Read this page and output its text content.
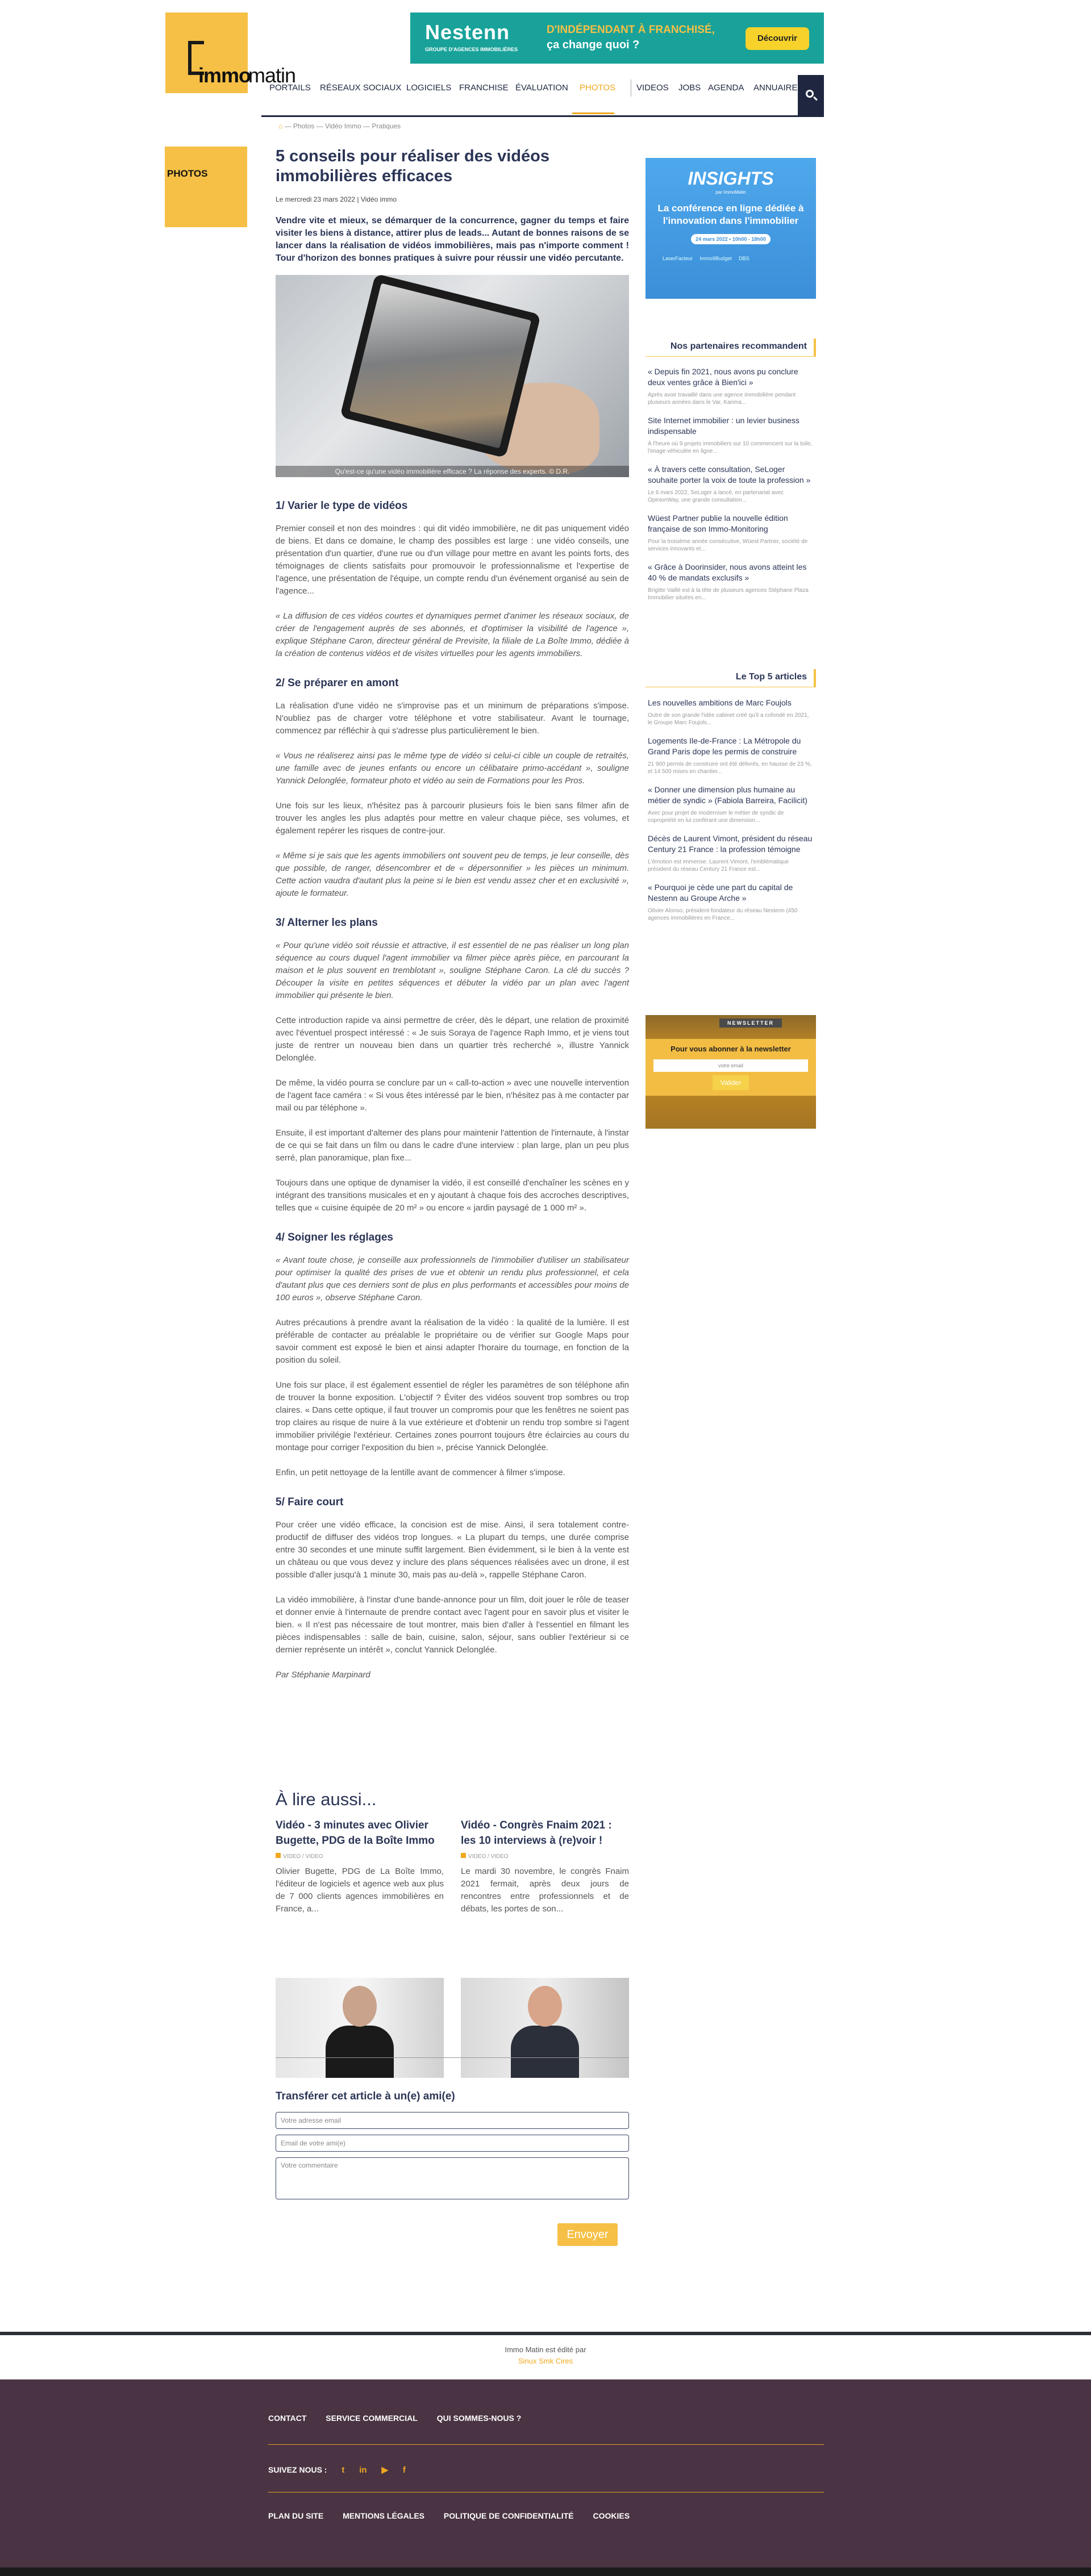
immo
matin
Nestenn
GROUPE D'AGENCES IMMOBILIÈRES
D'INDÉPENDANT À FRANCHISÉ,
ça change quoi ?
Découvrir
PORTAILS RÉSEAUX SOCIAUX LOGICIELS FRANCHISE ÉVALUATION PHOTOS VIDEOS JOBS AGENDA ANNUAIRE
⌂ — Photos — Vidéo Immo — Pratiques
PHOTOS
5 conseils pour réaliser des vidéos immobilières efficaces
Le mercredi 23 mars 2022 | Vidéo immo
Vendre vite et mieux, se démarquer de la concurrence, gagner du temps et faire visiter les biens à distance, attirer plus de leads... Autant de bonnes raisons de se lancer dans la réalisation de vidéos immobilières, mais pas n'importe comment ! Tour d'horizon des bonnes pratiques à suivre pour réussir une vidéo percutante.
Qu'est-ce qu'une vidéo immobilière efficace ? La réponse des experts. © D.R.
1/ Varier le type de vidéos

Premier conseil et non des moindres : qui dit vidéo immobilière, ne dit pas uniquement vidéo de biens. Et dans ce domaine, le champ des possibles est large : une vidéo conseils, une présentation d'un quartier, d'une rue ou d'un village pour mettre en avant les points forts, des témoignages de clients satisfaits pour promouvoir le professionnalisme et l'expertise de l'agence, une présentation de l'équipe, un compte rendu d'un événement organisé au sein de l'agence...

« La diffusion de ces vidéos courtes et dynamiques permet d'animer les réseaux sociaux, de créer de l'engagement auprès de ses abonnés, et d'optimiser la visibilité de l'agence », explique Stéphane Caron, directeur général de Previsite, la filiale de La Boîte Immo, dédiée à la création de contenus vidéos et de visites virtuelles pour les agents immobiliers.

2/ Se préparer en amont

La réalisation d'une vidéo ne s'improvise pas et un minimum de préparations s'impose. N'oubliez pas de charger votre téléphone et votre stabilisateur. Avant le tournage, commencez par réfléchir à qui s'adresse plus particulièrement le bien.

« Vous ne réaliserez ainsi pas le même type de vidéo si celui-ci cible un couple de retraités, une famille avec de jeunes enfants ou encore un célibataire primo-accédant », souligne Yannick Delonglée, formateur photo et vidéo au sein de Formations pour les Pros.

Une fois sur les lieux, n'hésitez pas à parcourir plusieurs fois le bien sans filmer afin de trouver les angles les plus adaptés pour mettre en valeur chaque pièce, ses volumes, et également repérer les risques de contre-jour.

« Même si je sais que les agents immobiliers ont souvent peu de temps, je leur conseille, dès que possible, de ranger, désencombrer et de « dépersonnifier » les pièces un minimum. Cette action vaudra d'autant plus la peine si le bien est vendu assez cher et en exclusivité », ajoute le formateur.

3/ Alterner les plans

« Pour qu'une vidéo soit réussie et attractive, il est essentiel de ne pas réaliser un long plan séquence au cours duquel l'agent immobilier va filmer pièce après pièce, en parcourant la maison et le plus souvent en tremblotant », souligne Stéphane Caron. La clé du succès ? Découper la visite en petites séquences et débuter la vidéo par un plan avec l'agent immobilier qui présente le bien.

Cette introduction rapide va ainsi permettre de créer, dès le départ, une relation de proximité avec l'éventuel prospect intéressé : « Je suis Soraya de l'agence Raph Immo, et je viens tout juste de rentrer un nouveau bien dans un quartier très recherché », illustre Yannick Delonglée.

De même, la vidéo pourra se conclure par un « call-to-action » avec une nouvelle intervention de l'agent face caméra : « Si vous êtes intéressé par le bien, n'hésitez pas à me contacter par mail ou par téléphone ».

Ensuite, il est important d'alterner des plans pour maintenir l'attention de l'internaute, à l'instar de ce qui se fait dans un film ou dans le cadre d'une interview : plan large, plan un peu plus serré, plan panoramique, plan fixe...

Toujours dans une optique de dynamiser la vidéo, il est conseillé d'enchaîner les scènes en y intégrant des transitions musicales et en y ajoutant à chaque fois des accroches descriptives, telles que « cuisine équipée de 20 m² » ou encore « jardin paysagé de 1 000 m² ».

4/ Soigner les réglages

« Avant toute chose, je conseille aux professionnels de l'immobilier d'utiliser un stabilisateur pour optimiser la qualité des prises de vue et obtenir un rendu plus professionnel, et cela d'autant plus que ces derniers sont de plus en plus performants et accessibles pour moins de 100 euros », observe Stéphane Caron.

Autres précautions à prendre avant la réalisation de la vidéo : la qualité de la lumière. Il est préférable de contacter au préalable le propriétaire ou de vérifier sur Google Maps pour savoir comment est exposé le bien et ainsi adapter l'horaire du tournage, en fonction de la position du soleil.

Une fois sur place, il est également essentiel de régler les paramètres de son téléphone afin de trouver la bonne exposition. L'objectif ? Éviter des vidéos souvent trop sombres ou trop claires. « Dans cette optique, il faut trouver un compromis pour que les fenêtres ne soient pas trop claires au risque de nuire à la vue extérieure et d'obtenir un rendu trop sombre si l'agent immobilier privilégie l'extérieur. Certaines zones pourront toujours être éclaircies au cours du montage pour corriger l'exposition du bien », précise Yannick Delonglée.

Enfin, un petit nettoyage de la lentille avant de commencer à filmer s'impose.

5/ Faire court

Pour créer une vidéo efficace, la concision est de mise. Ainsi, il sera totalement contre-productif de diffuser des vidéos trop longues. « La plupart du temps, une durée comprise entre 30 secondes et une minute suffit largement. Bien évidemment, si le bien à la vente est un château ou que vous devez y inclure des plans séquences réalisées avec un drone, il est possible d'aller jusqu'à 1 minute 30, mais pas au-delà », rappelle Stéphane Caron.

La vidéo immobilière, à l'instar d'une bande-annonce pour un film, doit jouer le rôle de teaser et donner envie à l'internaute de prendre contact avec l'agent pour en savoir plus et visiter le bien. « Il n'est pas nécessaire de tout montrer, mais bien d'aller à l'essentiel en filmant les pièces indispensables : salle de bain, cuisine, salon, séjour, sans oublier l'extérieur si ce dernier représente un intérêt », conclut Yannick Delonglée.

Par Stéphanie Marpinard

À lire aussi...
Vidéo - 3 minutes avec Olivier Bugette, PDG de la Boîte Immo
VIDEO / VIDEO

Olivier Bugette, PDG de La Boîte Immo, l'éditeur de logiciels et agence web aux plus de 7 000 clients agences immobilières en France, a...

Vidéo - Congrès Fnaim 2021 : les 10 interviews à (re)voir !
VIDEO / VIDEO

Le mardi 30 novembre, le congrès Fnaim 2021 fermait, après deux jours de rencontres entre professionnels et de débats, les portes de son...

Transférer cet article à un(e) ami(e)
Votre adresse email
Email de votre ami(e)
Votre commentaire
Envoyer
INSIGHTS
par ImmoMatin
La conférence en ligne dédiée à l'innovation dans l'immobilier
24 mars 2022 • 10h00 - 18h00
LaserFacteur Immo9Budget DBS
Nos partenaires recommandent
« Depuis fin 2021, nous avons pu conclure deux ventes grâce à Bien'ici »
Après avoir travaillé dans une agence immobilière pendant plusieurs années dans le Var, Karima...
Site Internet immobilier : un levier business indispensable
À l'heure où 9 projets immobiliers sur 10 commencent sur la toile, l'image véhiculée en ligne...
« À travers cette consultation, SeLoger souhaite porter la voix de toute la profession »
Le 6 mars 2022, SeLoger a lancé, en partenariat avec OpinionWay, une grande consultation...
Wüest Partner publie la nouvelle édition française de son Immo-Monitoring
Pour la troisième année consécutive, Wüest Partner, société de services innovants et...
« Grâce à Doorinsider, nous avons atteint les 40 % de mandats exclusifs »
Brigitte Vaillé est à la tête de plusieurs agences Stéphane Plaza Immobilier situées en...
Le Top 5 articles
Les nouvelles ambitions de Marc Foujols
Outre de son grande l'idée cabinet créé qu'il a cofondé en 2021, le Groupe Marc Foujols...
Logements Ile-de-France : La Métropole du Grand Paris dope les permis de construire
21 900 permis de construire ont été délivrés, en hausse de 23 %, et 14 500 mises en chantier...
« Donner une dimension plus humaine au métier de syndic » (Fabiola Barreira, Facilicit)
Avec pour projet de moderniser le métier de syndic de copropriété en lui conférant une dimension...
Décès de Laurent Vimont, président du réseau Century 21 France : la profession témoigne
L'émotion est immense. Laurent Vimont, l'emblématique président du réseau Century 21 France est...
« Pourquoi je cède une part du capital de Nestenn au Groupe Arche »
Olivier Alonso, président-fondateur du réseau Nestenn (450 agences immobilières en France...
NEWSLETTER
Pour vous abonner à la newsletter
votre email
Valider
Immo Matin est édité par
Sinux Smk Cires
CONTACT SERVICE COMMERCIAL QUI SOMMES-NOUS ?
SUIVEZ NOUS : t in ▶ f
PLAN DU SITE MENTIONS LÉGALES POLITIQUE DE CONFIDENTIALITÉ COOKIES
